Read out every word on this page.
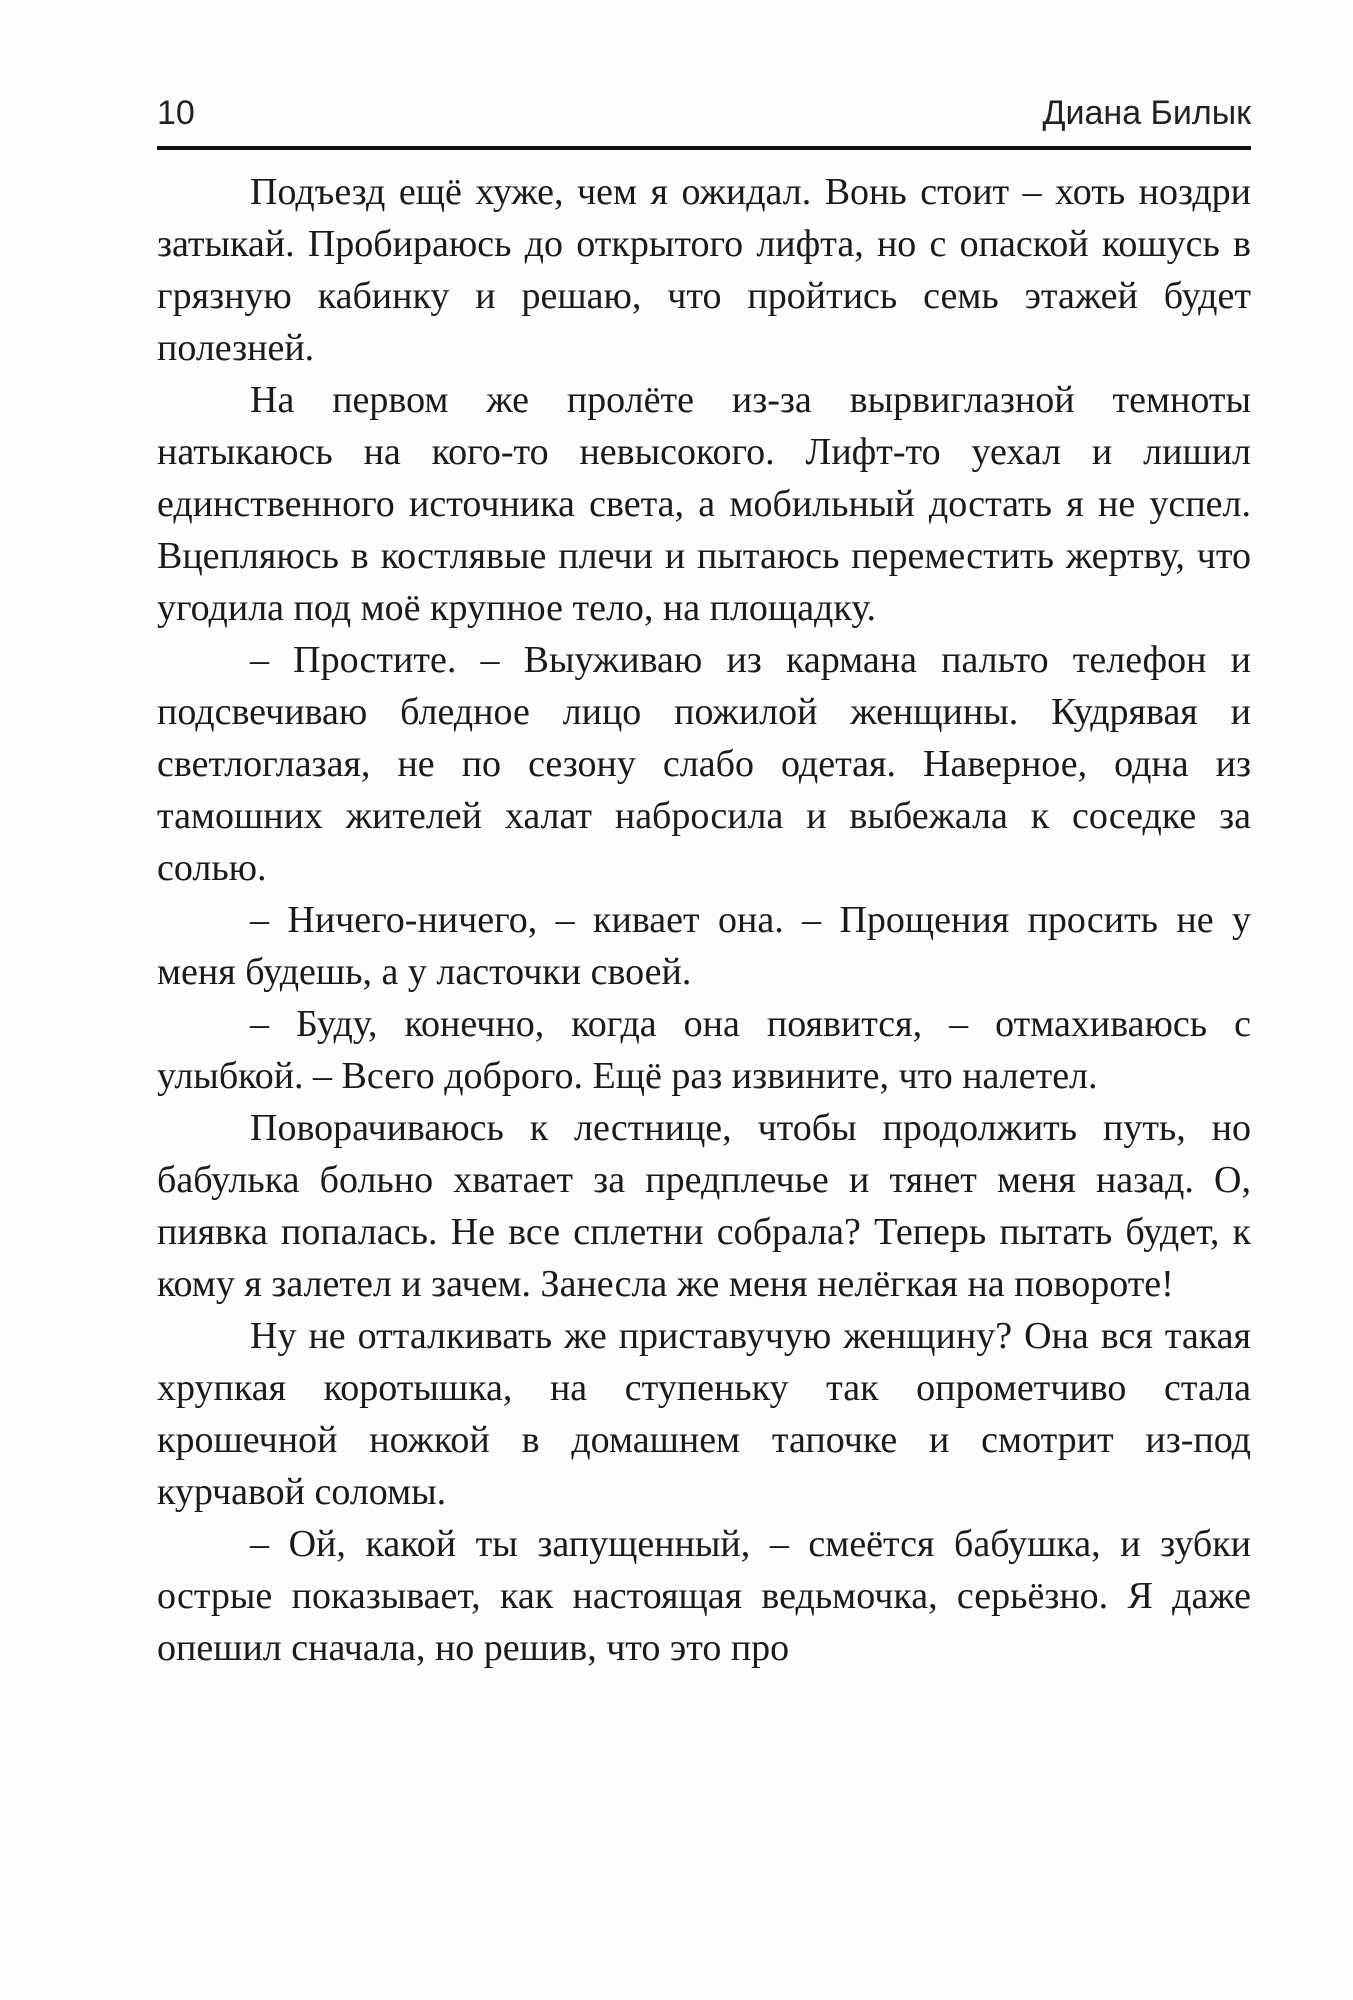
10	Диана Билык

Подъезд ещё хуже, чем я ожидал. Вонь стоит – хоть ноздри затыкай. Пробираюсь до открытого лифта, но с опаской кошусь в грязную кабинку и решаю, что пройтись семь этажей будет полезней.

На первом же пролёте из-за вырвиглазной темноты натыкаюсь на кого-то невысокого. Лифт-то уехал и лишил единственного источника света, а мобильный достать я не успел. Вцепляюсь в костлявые плечи и пытаюсь переместить жертву, что угодила под моё крупное тело, на площадку.

– Простите. – Выуживаю из кармана пальто телефон и подсвечиваю бледное лицо пожилой женщины. Кудрявая и светлоглазая, не по сезону слабо одетая. Наверное, одна из тамошних жителей халат набросила и выбежала к соседке за солью.

– Ничего-ничего, – кивает она. – Прощения просить не у меня будешь, а у ласточки своей.

– Буду, конечно, когда она появится, – отмахиваюсь с улыбкой. – Всего доброго. Ещё раз извините, что налетел.

Поворачиваюсь к лестнице, чтобы продолжить путь, но бабулька больно хватает за предплечье и тянет меня назад. О, пиявка попалась. Не все сплетни собрала? Теперь пытать будет, к кому я залетел и зачем. Занесла же меня нелёгкая на повороте!

Ну не отталкивать же приставучую женщину? Она вся такая хрупкая коротышка, на ступеньку так опрометчиво стала крошечной ножкой в домашнем тапочке и смотрит из-под курчавой соломы.

– Ой, какой ты запущенный, – смеётся бабушка, и зубки острые показывает, как настоящая ведьмочка, серьёзно. Я даже опешил сначала, но решив, что это про
